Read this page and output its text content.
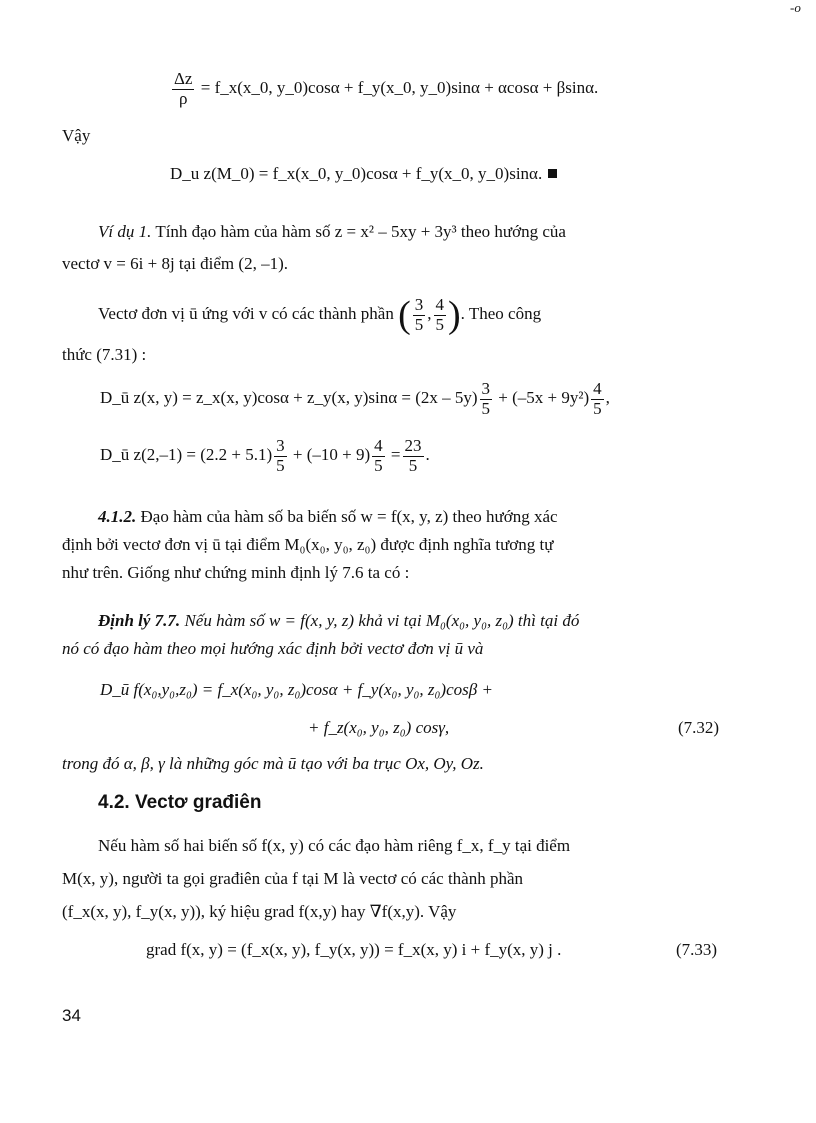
-o
$\frac{\Delta z}{\rho}$ = f_x(x_0, y_0)cosα + f_y(x_0, y_0)sinα + αcosα + βsinα.
Vậy
D_u z(M_0) = f_x(x_0, y_0)cosα + f_y(x_0, y_0)sinα.
Ví dụ 1. Tính đạo hàm của hàm số z = x² – 5xy + 3y³ theo hướng của
vectơ v = 6i + 8j tại điểm (2, –1).
Vectơ đơn vị ū ứng với v có các thành phần ( $\frac{3}{5}$ , $\frac{4}{5}$ ). Theo công
thức (7.31) :
D_ū z(x, y) = z_x(x, y)cosα + z_y(x, $y)\sin\alpha = (2x - 5y) \frac{3}{5} + (-5x + 9y^2) \frac{4}{5}$ ,
D_ū $z(2,-1) = (2.2 + 5.1) \frac{3}{5} + (-10 + 9) \frac{4}{5} = \frac{23}{5}$ .
4.1.2. Đạo hàm của hàm số ba biến số w = f(x, y, z) theo hướng xác
định bởi vectơ đơn vị ū tại điểm M₀(x₀, y₀, z₀) được định nghĩa tương tự
như trên. Giống như chứng minh định lý 7.6 ta có :
Định lý 7.7. Nếu hàm số w = f(x, y, z) khả vi tại M₀(x₀, y₀, z₀) thì tại đó
nó có đạo hàm theo mọi hướng xác định bởi vectơ đơn vị ū và
D_ū f(x₀,y₀,z₀) = f_x(x₀, y₀, z₀)cosα + f_y(x₀, y₀, z₀)cosβ +
+ f_z(x₀, y₀, z₀) cosγ,	(7.32)
trong đó α, β, γ là những góc mà ū tạo với ba trục Ox, Oy, Oz.
4.2. Vectơ građiên
Nếu hàm số hai biến số f(x, y) có các đạo hàm riêng f_x, f_y tại điểm
M(x, y), người ta gọi građiên của f tại M là vectơ có các thành phần
(f_x(x, y), f_y(x, y)), ký hiệu grad f(x,y) hay ∇f(x,y). Vậy
grad f(x, y) = (f_x(x, y), f_y(x, y)) = f_x(x, y) i + f_y(x, y) j .	(7.33)
34
